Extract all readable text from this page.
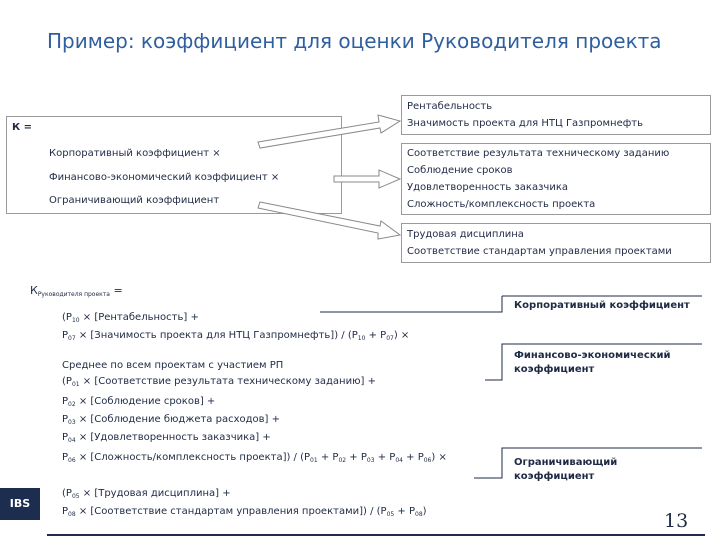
Пример: коэффициент для оценки Руководителя проекта
К =
Корпоративный коэффициент ×
Финансово-экономический коэффициент ×
Ограничивающий коэффициент
Рентабельность
Значимость проекта для НТЦ Газпромнефть
Соответствие результата техническому заданию
Соблюдение сроков
Удовлетворенность заказчика
Сложность/комплексность проекта
Трудовая дисциплина
Соответствие стандартам управления проектами
$К_{Руководителя проекта}$ =
($Р_{10}$ × [Рентабельность] +
$Р_{07}$ × [Значимость проекта для НТЦ Газпромнефть]) / $(Р_{10} + Р_{07})$ ×
Среднее по всем проектам с участием РП
($Р_{01}$ × [Соответствие результата техническому заданию] +
$Р_{02}$ × [Соблюдение сроков] +
$Р_{03}$ × [Соблюдение бюджета расходов] +
$Р_{04}$ × [Удовлетворенность заказчика] +
$Р_{06}$ × [Сложность/комплексность проекта]) / $(Р_{01} + Р_{02} + Р_{03} + Р_{04} + Р_{06})$ ×
($Р_{05}$ × [Трудовая дисциплина] +
$Р_{08}$ × [Соответствие стандартам управления проектами]) / $(Р_{05} + Р_{08})$
Корпоративный коэффициент
Финансово-экономический
коэффициент
Ограничивающий
коэффициент
IBS
13
